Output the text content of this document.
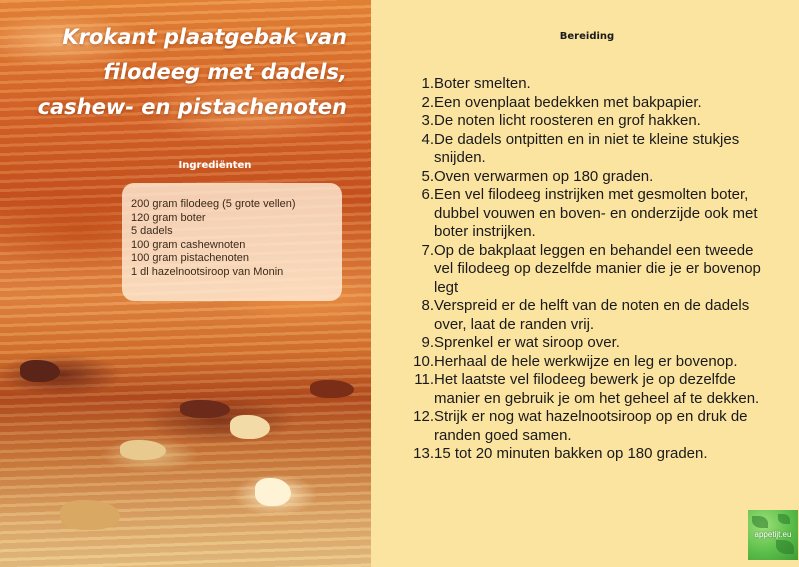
Krokant plaatgebak van filodeeg met dadels, cashew- en pistachenoten
Ingrediënten
200 gram filodeeg (5 grote vellen)
120 gram boter
5 dadels
100 gram cashewnoten
100 gram pistachenoten
1 dl hazelnootsiroop van Monin
Bereiding
1. Boter smelten.
2. Een ovenplaat bedekken met bakpapier.
3. De noten licht roosteren en grof hakken.
4. De dadels ontpitten en in niet te kleine stukjes snijden.
5. Oven verwarmen op 180 graden.
6. Een vel filodeeg instrijken met gesmolten boter, dubbel vouwen en boven- en onderzijde ook met boter instrijken.
7. Op de bakplaat leggen en behandel een tweede vel filodeeg op dezelfde manier die je er bovenop legt
8. Verspreid er de helft van de noten en de dadels over, laat de randen vrij.
9. Sprenkel er wat siroop over.
10. Herhaal de hele werkwijze en leg er bovenop.
11. Het laatste vel filodeeg bewerk je op dezelfde manier en gebruik je om het geheel af te dekken.
12. Strijk er nog wat hazelnootsiroop op en druk de randen goed samen.
13. 15 tot 20 minuten bakken op 180 graden.
appetijt.eu
